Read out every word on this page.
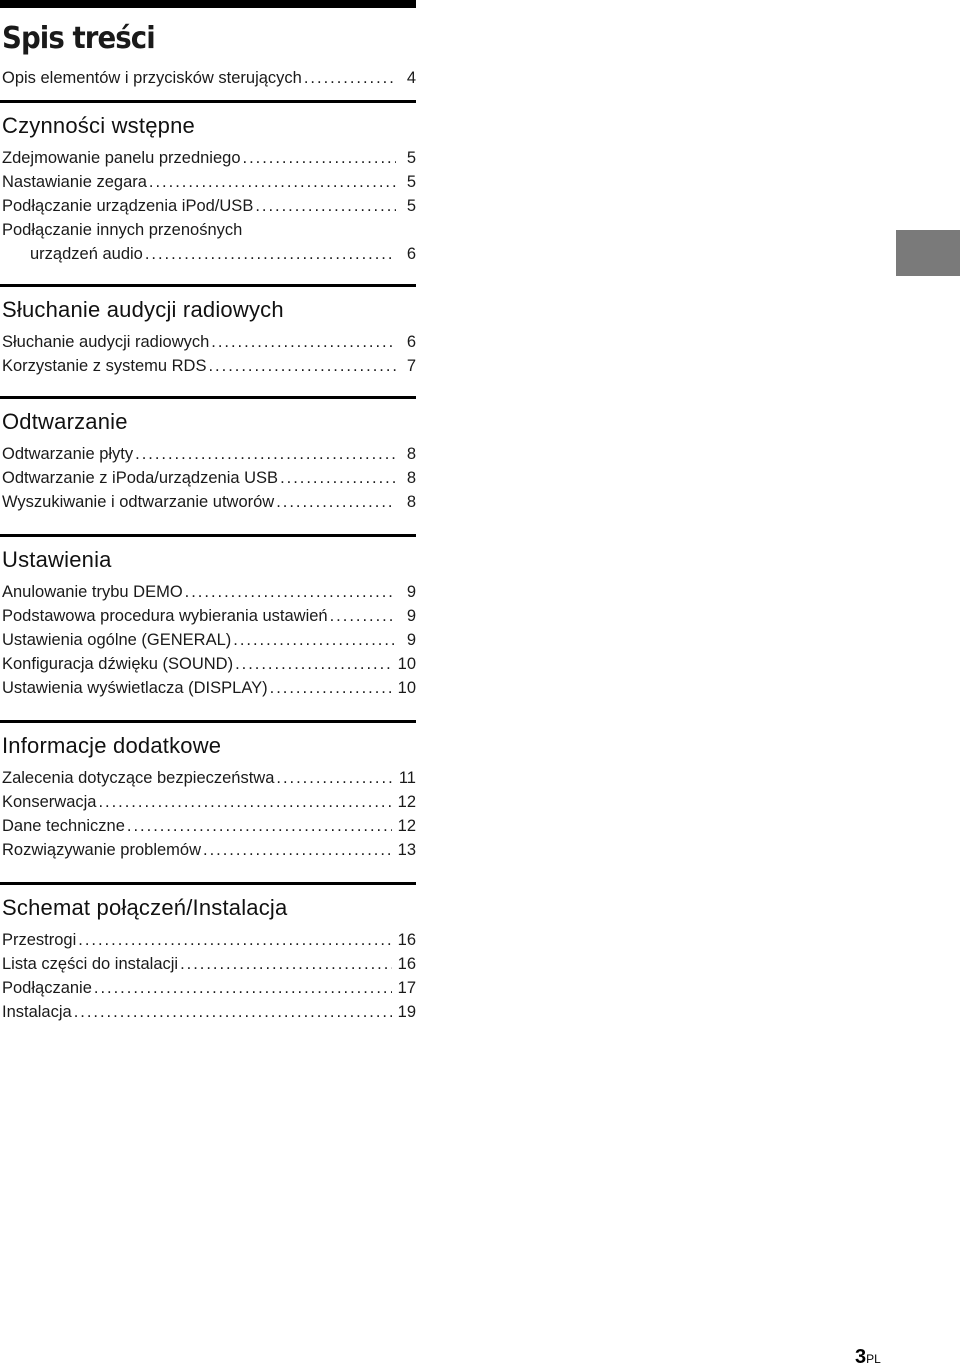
Spis treści
Opis elementów i przycisków sterujących . . .	4
Czynności wstępne
Zdejmowanie panelu przedniego . . .	5
Nastawianie zegara . . .	5
Podłączanie urządzenia iPod/USB . . .	5
Podłączanie innych przenośnych
urządzeń audio . . .	6
Słuchanie audycji radiowych
Słuchanie audycji radiowych . . .	6
Korzystanie z systemu RDS . . .	7
Odtwarzanie
Odtwarzanie płyty . . .	8
Odtwarzanie z iPoda/urządzenia USB . . .	8
Wyszukiwanie i odtwarzanie utworów . . .	8
Ustawienia
Anulowanie trybu DEMO . . .	9
Podstawowa procedura wybierania ustawień . . .	9
Ustawienia ogólne (GENERAL) . . .	9
Konfiguracja dźwięku (SOUND) . . .	10
Ustawienia wyświetlacza (DISPLAY) . . .	10
Informacje dodatkowe
Zalecenia dotyczące bezpieczeństwa . . .	11
Konserwacja . . .	12
Dane techniczne . . .	12
Rozwiązywanie problemów . . .	13
Schemat połączeń/Instalacja
Przestrogi . . .	16
Lista części do instalacji . . .	16
Podłączanie . . .	17
Instalacja . . .	19
3PL
